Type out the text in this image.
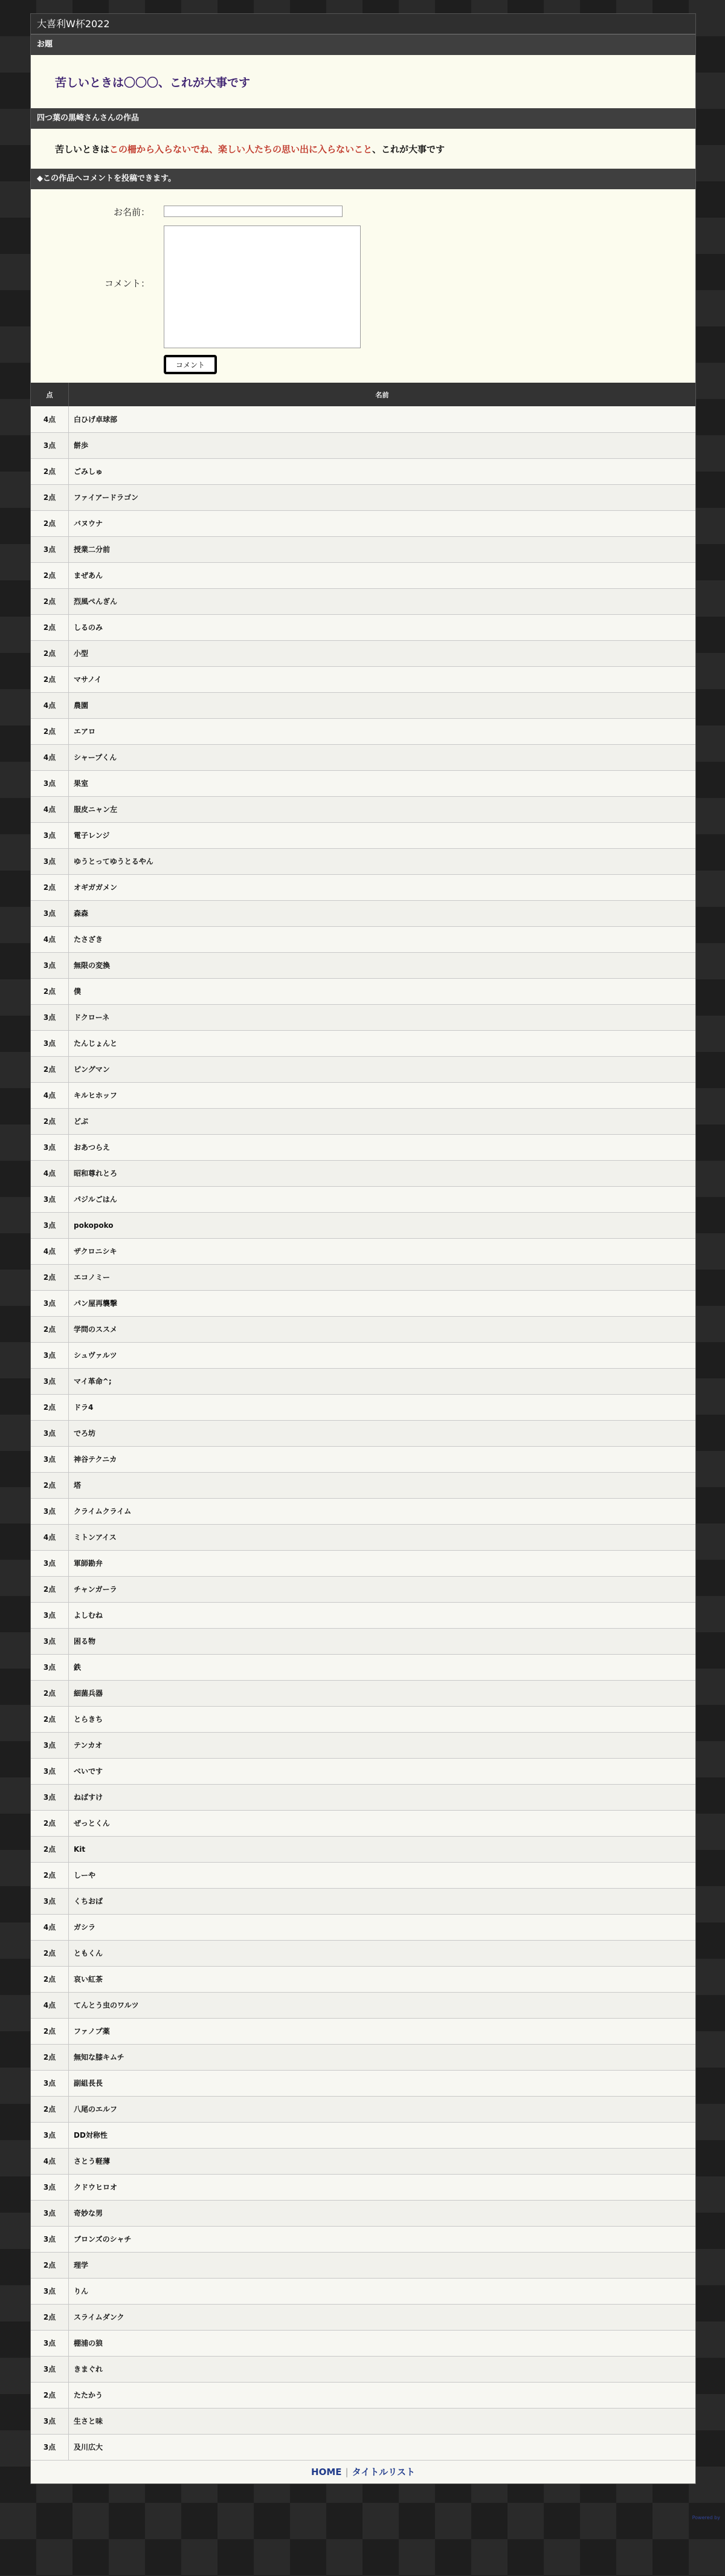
大喜利W杯2022
お題
苦しいときは〇〇〇、これが大事です
四つ葉の黒崎さんさんの作品
苦しいときは この柵から入らないでね、楽しい人たちの思い出に入らないこと 、これが大事です
◆この作品へコメントを投稿できます。
お名前：
コメント：
コメント
点	名前
4点	白ひげ卓球部
3点	餅歩
2点	ごみしゅ
2点	ファイアードラゴン
2点	バヌウナ
3点	授業二分前
2点	まぜあん
2点	烈風ぺんぎん
2点	しるのみ
2点	小型
2点	マサノイ
4点	農園
2点	エアロ
4点	シャープくん
3点	果室
4点	服皮ニャン左
3点	電子レンジ
3点	ゆうとってゆうとるやん
2点	オギガガメン
3点	森森
4点	たさざき
3点	無限の変換
2点	僕
3点	ドクローネ
3点	たんじょんと
2点	ピングマン
4点	キルヒホッフ
2点	どぶ
3点	おあつらえ
4点	昭和尊れとろ
3点	パジルごはん
3点	pokopoko
4点	ザクロニシキ
2点	エコノミー
3点	パン屋再襲撃
2点	学問のススメ
3点	シュヴァルツ
3点	マイ革命^;
2点	ドラ4
3点	でろ坊
3点	神谷テクニカ
2点	塔
3点	クライムクライム
4点	ミトンアイス
3点	軍師勘弁
2点	チャンガーラ
3点	よしむね
3点	困る物
3点	鉄
2点	細菌兵器
2点	とらきち
3点	テンカオ
3点	べいです
3点	ねばすけ
2点	ぜっとくん
2点	Kit
2点	しーや
3点	くちおば
4点	ガシラ
2点	ともくん
2点	哀い紅茶
4点	てんとう虫のワルツ
2点	ファノプ薬
2点	無知な膝キムチ
3点	副組長長
2点	八尾のエルフ
3点	DD対称性
4点	さとう軽薄
3点	クドウヒロオ
3点	奇妙な男
3点	ブロンズのシャチ
2点	理学
3点	りん
2点	スライムダンク
3点	棚浦の狼
3点	きまぐれ
2点	たたかう
3点	生さと味
3点	及川広大
HOME | タイトルリスト
Powered by
